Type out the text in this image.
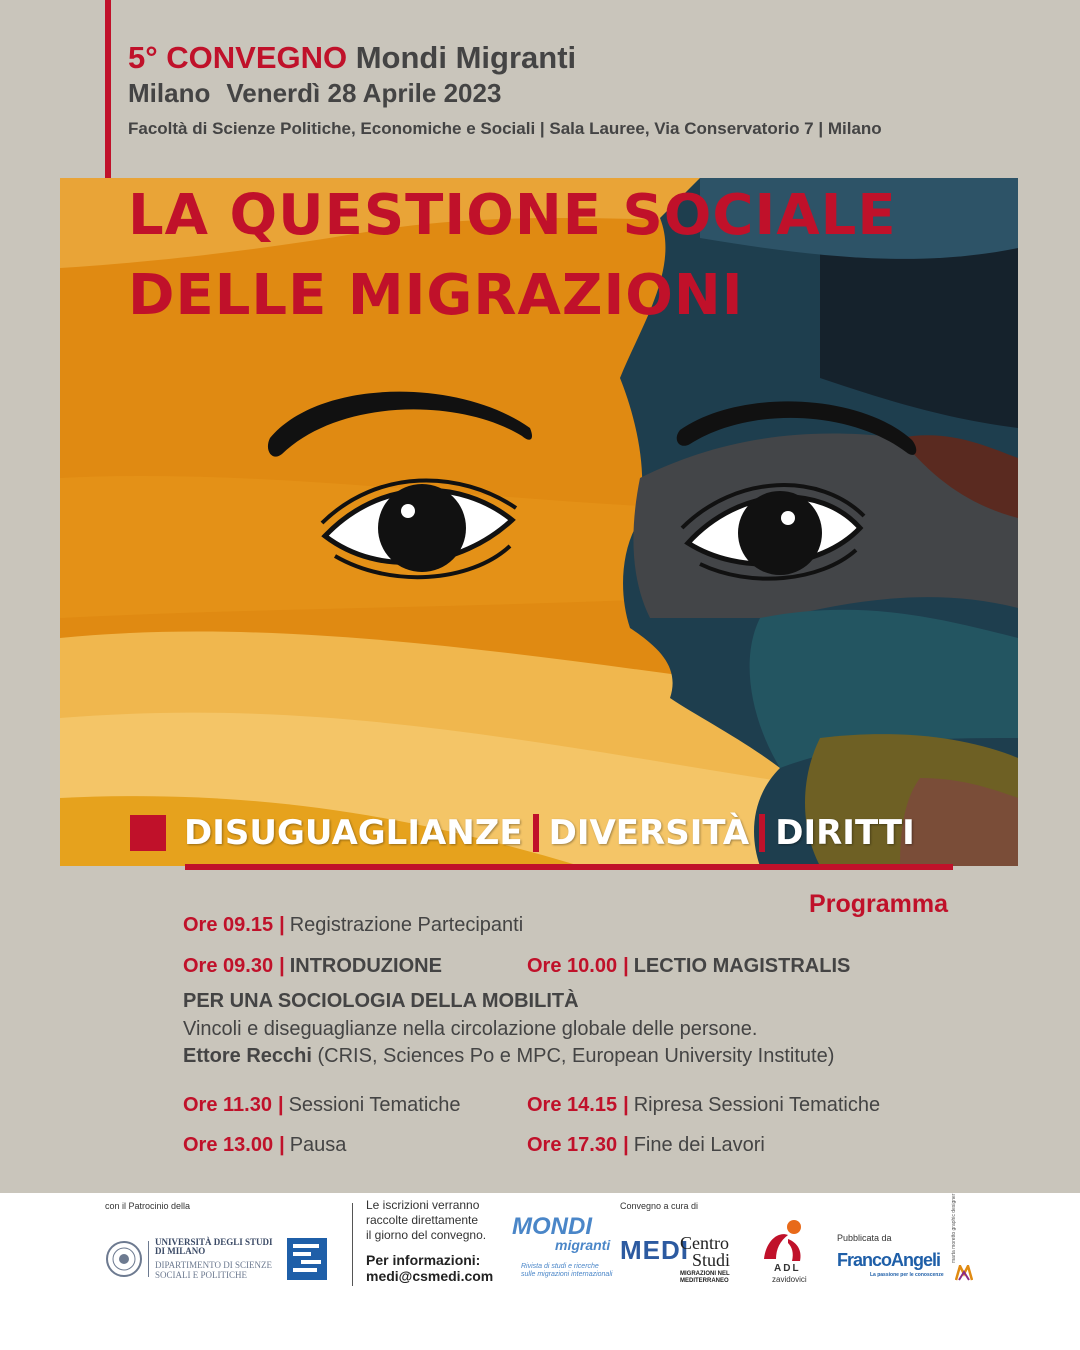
5° CONVEGNO Mondi Migranti
Milano Venerdì 28 Aprile 2023
Facoltà di Scienze Politiche, Economiche e Sociali | Sala Lauree, Via Conservatorio 7 | Milano
LA QUESTIONE SOCIALE
DELLE MIGRAZIONI
DISUGUAGLIANZE DIVERSITÀ DIRITTI
Programma
Ore 09.15 | Registrazione Partecipanti
Ore 09.30 | INTRODUZIONE	Ore 10.00 | LECTIO MAGISTRALIS
PER UNA SOCIOLOGIA DELLA MOBILITÀ
Vincoli e diseguaglianze nella circolazione globale delle persone.
Ettore Recchi (CRIS, Sciences Po e MPC, European University Institute)
Ore 11.30 | Sessioni Tematiche	Ore 14.15 | Ripresa Sessioni Tematiche
Ore 13.00 | Pausa	Ore 17.30 | Fine dei Lavori
con il Patrocinio della
UNIVERSITÀ DEGLI STUDI
DI MILANO
DIPARTIMENTO DI SCIENZE
SOCIALI E POLITICHE
Le iscrizioni verranno
raccolte direttamente
il giorno del convegno.
Per informazioni:
medi@csmedi.com
MONDI
migranti
Rivista di studi e ricerche
sulle migrazioni internazionali
Convegno a cura di
MEDI
Centro
Studi
MIGRAZIONI NEL
MEDITERRANEO
ADL
zavidovici
Pubblicata da
FrancoAngeli
La passione per le conoscenze
marta moretto graphic designer
